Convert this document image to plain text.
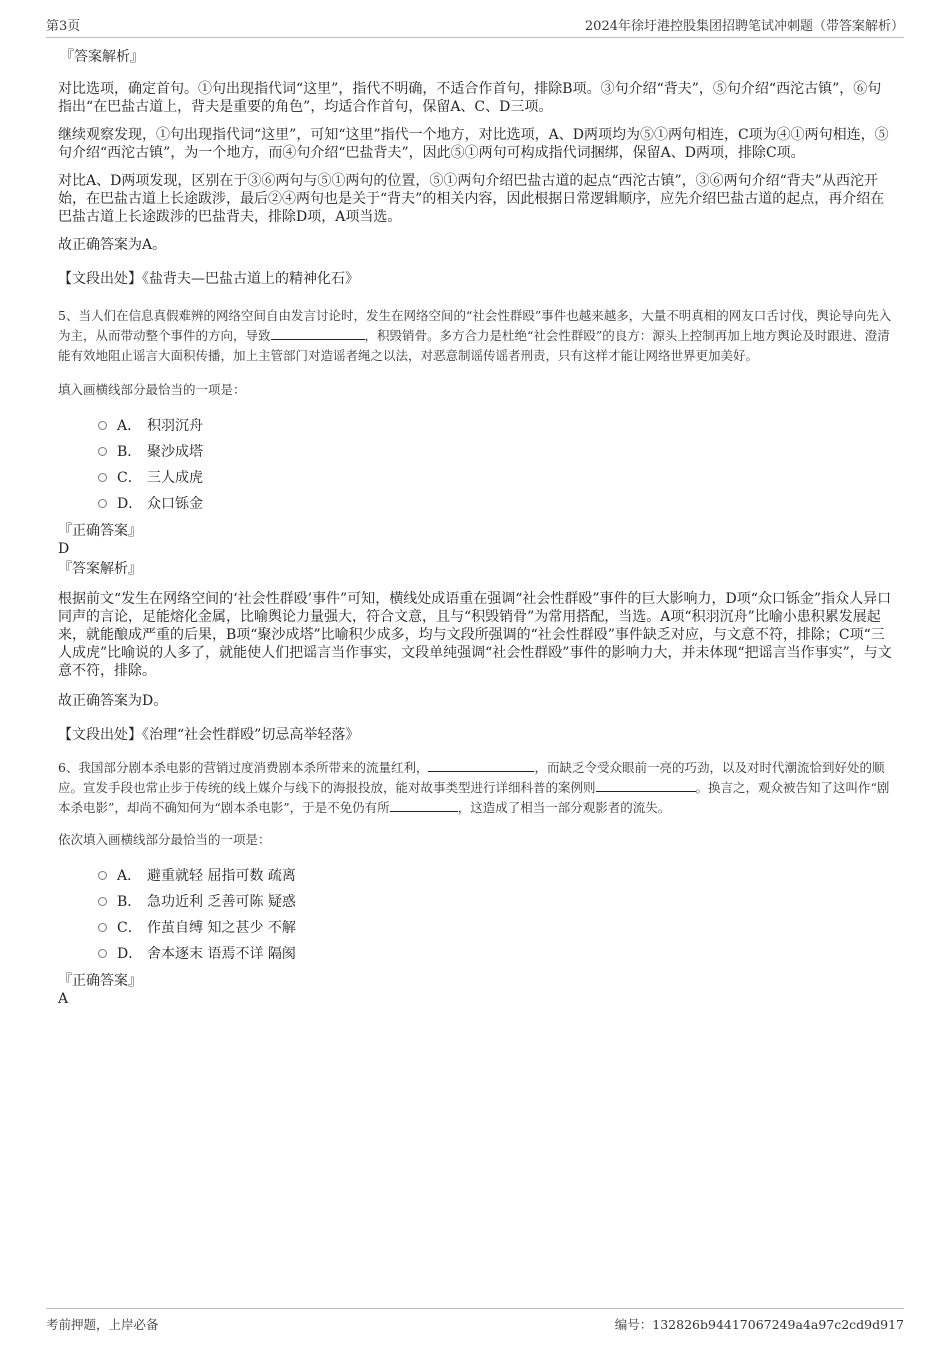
第3页	2024年徐圩港控股集团招聘笔试冲刺题（带答案解析）
『答案解析』

对比选项，确定首句。①句出现指代词“这里”，指代不明确，不适合作首句，排除B项。③句介绍“背夫”，⑤句介绍“西沱古镇”，⑥句指出“在巴盐古道上，背夫是重要的角色”，均适合作首句，保留A、C、D三项。

继续观察发现，①句出现指代词“这里”，可知“这里”指代一个地方，对比选项，A、D两项均为⑤①两句相连，C项为④①两句相连，⑤句介绍“西沱古镇”，为一个地方，而④句介绍“巴盐背夫”，因此⑤①两句可构成指代词捆绑，保留A、D两项，排除C项。

对比A、D两项发现，区别在于③⑥两句与⑤①两句的位置，⑤①两句介绍巴盐古道的起点“西沱古镇”，③⑥两句介绍“背夫”从西沱开始，在巴盐古道上长途跋涉，最后②④两句也是关于“背夫”的相关内容，因此根据日常逻辑顺序，应先介绍巴盐古道的起点，再介绍在巴盐古道上长途跋涉的巴盐背夫，排除D项，A项当选。

故正确答案为A。

【文段出处】《盐背夫—巴盐古道上的精神化石》

5、当人们在信息真假难辨的网络空间自由发言讨论时，发生在网络空间的“社会性群殴”事件也越来越多，大量不明真相的网友口舌讨伐，舆论导向先入为主，从而带动整个事件的方向，导致	，积毁销骨。多方合力是杜绝“社会性群殴”的良方：源头上控制再加上地方舆论及时跟进、澄清能有效地阻止谣言大面积传播，加上主管部门对造谣者绳之以法，对恶意制谣传谣者刑责，只有这样才能让网络世界更加美好。

填入画横线部分最恰当的一项是：

A． 积羽沉舟
B． 聚沙成塔
C． 三人成虎
D． 众口铄金
『正确答案』
D
『答案解析』

根据前文“发生在网络空间的‘社会性群殴’事件”可知，横线处成语重在强调“社会性群殴”事件的巨大影响力，D项“众口铄金”指众人异口同声的言论，足能熔化金属，比喻舆论力量强大，符合文意，且与“积毁销骨”为常用搭配，当选。A项“积羽沉舟”比喻小患积累发展起来，就能酿成严重的后果，B项“聚沙成塔”比喻积少成多，均与文段所强调的“社会性群殴”事件缺乏对应，与文意不符，排除；C项“三人成虎”比喻说的人多了，就能使人们把谣言当作事实，文段单纯强调“社会性群殴”事件的影响力大，并未体现“把谣言当作事实”，与文意不符，排除。

故正确答案为D。

【文段出处】《治理“社会性群殴”切忌高举轻落》

6、我国部分剧本杀电影的营销过度消费剧本杀所带来的流量红利，	，而缺乏令受众眼前一亮的巧劲，以及对时代潮流恰到好处的顺应。宣发手段也常止步于传统的线上媒介与线下的海报投放，能对故事类型进行详细科普的案例则	。换言之，观众被告知了这叫作“剧本杀电影”，却尚不确知何为“剧本杀电影”，于是不免仍有所	，这造成了相当一部分观影者的流失。

依次填入画横线部分最恰当的一项是：

A． 避重就轻 屈指可数 疏离
B． 急功近利 乏善可陈 疑惑
C． 作茧自缚 知之甚少 不解
D． 舍本逐末 语焉不详 隔阂
『正确答案』
A
考前押题，上岸必备	编号：132826b94417067249a4a97c2cd9d917
